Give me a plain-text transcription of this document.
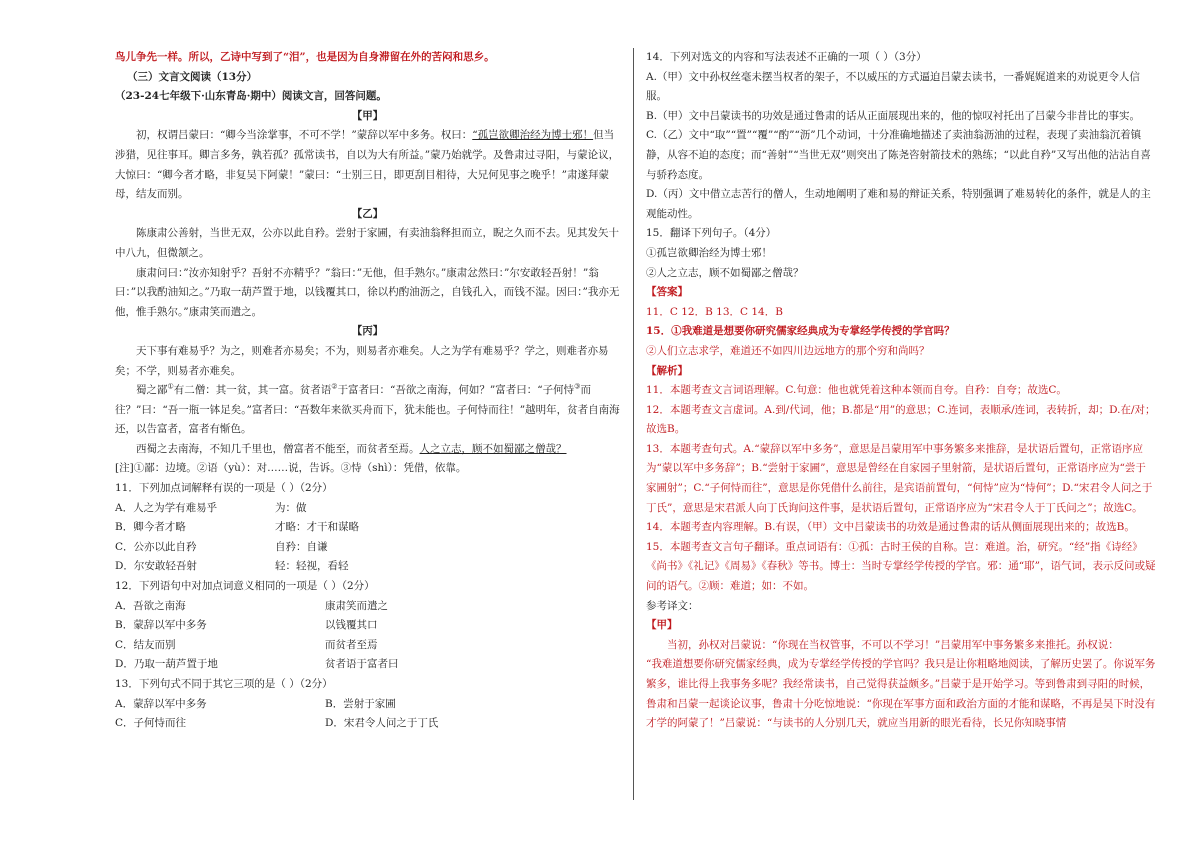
鸟儿争先一样。所以，乙诗中写到了“泪”，也是因为自身滞留在外的苦闷和思乡。

（三）文言文阅读（13分）

（23-24七年级下·山东青岛·期中）阅读文言，回答问题。

【甲】

初，权谓吕蒙曰：“卿今当涂掌事，不可不学！”蒙辞以军中多务。权曰：“孤岂欲卿治经为博士邪！但当涉猎，见往事耳。卿言多务，孰若孤？孤常读书，自以为大有所益。”蒙乃始就学。及鲁肃过寻阳，与蒙论议，大惊曰：“卿今者才略，非复吴下阿蒙！”蒙曰：“士别三日，即更刮目相待，大兄何见事之晚乎！”肃遂拜蒙母，结友而别。

【乙】

陈康肃公善射，当世无双，公亦以此自矜。尝射于家圃，有卖油翁释担而立，睨之久而不去。见其发矢十中八九，但微颔之。

康肃问曰：”汝亦知射乎？吾射不亦精乎？”翁曰：”无他，但手熟尔。”康肃忿然曰：”尔安敢轻吾射！”翁曰：”以我酌油知之。”乃取一葫芦置于地，以钱覆其口，徐以杓酌油沥之，自钱孔入，而钱不湿。因曰：”我亦无他，惟手熟尔。”康肃笑而遣之。

【丙】

天下事有难易乎？为之，则难者亦易矣；不为，则易者亦难矣。人之为学有难易乎？学之，则难者亦易矣；不学，则易者亦难矣。

蜀之鄙①有二僧：其一贫，其一富。贫者语②于富者曰：“吾欲之南海，何如？”富者曰：“子何恃③而往？”曰：“吾一瓶一钵足矣。”富者曰：“吾数年来欲买舟而下，犹未能也。子何恃而往！”越明年，贫者自南海还，以告富者，富者有惭色。

西蜀之去南海，不知几千里也，僧富者不能至，而贫者至焉。人之立志，顾不如蜀鄙之僧哉？

[注]①鄙：边境。②语（yù）：对……说，告诉。③恃（shì）：凭借，依靠。

11．下列加点词解释有误的一项是（ ）（2分）

A．人之为学有难易乎	为：做
B．卿今者才略	才略：才干和谋略
C．公亦以此自矜	自矜：自谦
D．尔安敢轻吾射	轻：轻视，看轻

12．下列语句中对加点词意义相同的一项是（ ）（2分）

A．吾欲之南海	康肃笑而遣之
B．蒙辞以军中多务	以钱覆其口
C．结友而别	而贫者至焉
D．乃取一葫芦置于地	贫者语于富者曰

13．下列句式不同于其它三项的是（ ）（2分）

A．蒙辞以军中多务	B．尝射于家圃
C．子何恃而往	D．宋君令人问之于丁氏

14．下列对选文的内容和写法表述不正确的一项（ ）（3分）

A.（甲）文中孙权丝毫未摆当权者的架子，不以威压的方式逼迫吕蒙去读书，一番娓娓道来的劝说更令人信服。

B.（甲）文中吕蒙读书的功效是通过鲁肃的话从正面展现出来的，他的惊叹衬托出了吕蒙今非昔比的事实。

C.（乙）文中“取”“置”“覆”“酌”“沥”几个动词，十分准确地描述了卖油翁沥油的过程，表现了卖油翁沉着镇静，从容不迫的态度；而“善射”“当世无双”则突出了陈尧咨射箭技术的熟练；“以此自矜”又写出他的沾沾自喜与骄矜态度。

D.（丙）文中借立志苦行的僧人，生动地阐明了难和易的辩证关系，特别强调了难易转化的条件，就是人的主观能动性。

15．翻译下列句子。（4分）

①孤岂欲卿治经为博士邪！

②人之立志，顾不如蜀鄙之僧哉？

【答案】

11．C 12．B 13．C 14．B

15．①我难道是想要你研究儒家经典成为专掌经学传授的学官吗？

②人们立志求学，难道还不如四川边远地方的那个穷和尚吗？

【解析】

11．本题考查文言词语理解。C.句意：他也就凭着这种本领而自夸。自矜：自夸；故选C。

12．本题考查文言虚词。A.到/代词，他；B.都是“用”的意思；C.连词，表顺承/连词，表转折，却；D.在/对；故选B。

13．本题考查句式。A.“蒙辞以军中多务”，意思是吕蒙用军中事务繁多来推辞，是状语后置句，正常语序应为“蒙以军中多务辞”；B.“尝射于家圃”，意思是曾经在自家园子里射箭，是状语后置句，正常语序应为“尝于家圃射”；C.“子何恃而往”，意思是你凭借什么前往，是宾语前置句，“何恃”应为“恃何”；D.“宋君令人问之于丁氏”，意思是宋君派人向丁氏询问这件事，是状语后置句，正常语序应为“宋君令人于丁氏问之”；故选C。

14．本题考查内容理解。B.有误，（甲）文中吕蒙读书的功效是通过鲁肃的话从侧面展现出来的；故选B。

15．本题考查文言句子翻译。重点词语有：①孤：古时王侯的自称。岂：难道。治，研究。“经”指《诗经》《尚书》《礼记》《周易》《春秋》等书。博士：当时专掌经学传授的学官。邪：通“耶”，语气词，表示反问或疑问的语气。②顾：难道；如：不如。

参考译文：

【甲】

当初，孙权对吕蒙说：“你现在当权管事，不可以不学习！”吕蒙用军中事务繁多来推托。孙权说：

“我难道想要你研究儒家经典，成为专掌经学传授的学官吗？我只是让你粗略地阅读，了解历史罢了。你说军务繁多，谁比得上我事务多呢？我经常读书，自己觉得获益颇多。”吕蒙于是开始学习。等到鲁肃到寻阳的时候，鲁肃和吕蒙一起谈论议事，鲁肃十分吃惊地说：“你现在军事方面和政治方面的才能和谋略，不再是吴下时没有才学的阿蒙了！”吕蒙说：“与读书的人分别几天，就应当用新的眼光看待，长兄你知晓事情
